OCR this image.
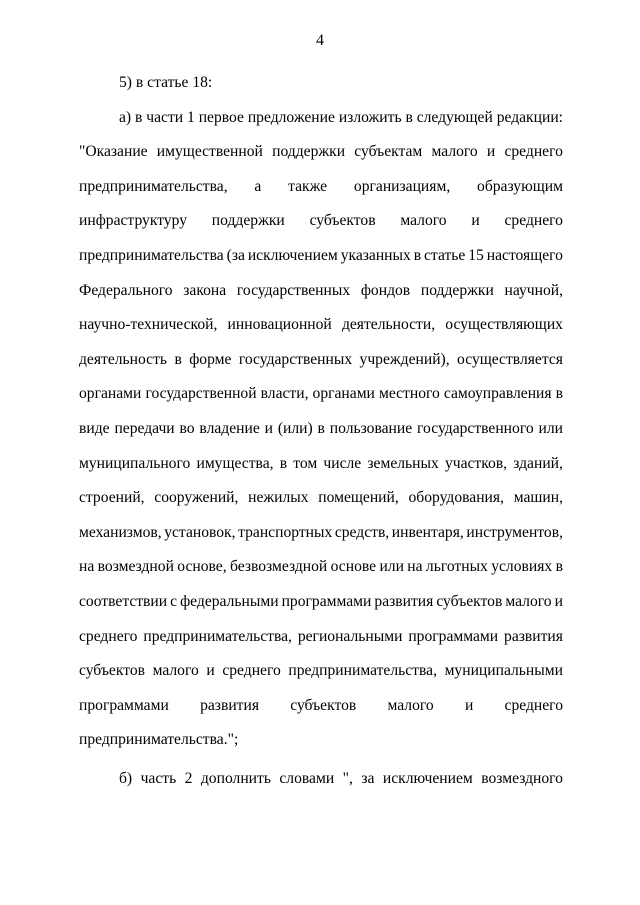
4
5) в статье 18:
а) в части 1 первое предложение изложить в следующей редакции:
"Оказание имущественной поддержки субъектам малого и среднего
предпринимательства, а также организациям, образующим
инфраструктуру поддержки субъектов малого и среднего
предпринимательства (за исключением указанных в статье 15 настоящего
Федерального закона государственных фондов поддержки научной,
научно-технической, инновационной деятельности, осуществляющих
деятельность в форме государственных учреждений), осуществляется
органами государственной власти, органами местного самоуправления в
виде передачи во владение и (или) в пользование государственного или
муниципального имущества, в том числе земельных участков, зданий,
строений, сооружений, нежилых помещений, оборудования, машин,
механизмов, установок, транспортных средств, инвентаря, инструментов,
на возмездной основе, безвозмездной основе или на льготных условиях в
соответствии с федеральными программами развития субъектов малого и
среднего предпринимательства, региональными программами развития
субъектов малого и среднего предпринимательства, муниципальными
программами развития субъектов малого и среднего
предпринимательства.";
б) часть 2 дополнить словами ", за исключением возмездного
